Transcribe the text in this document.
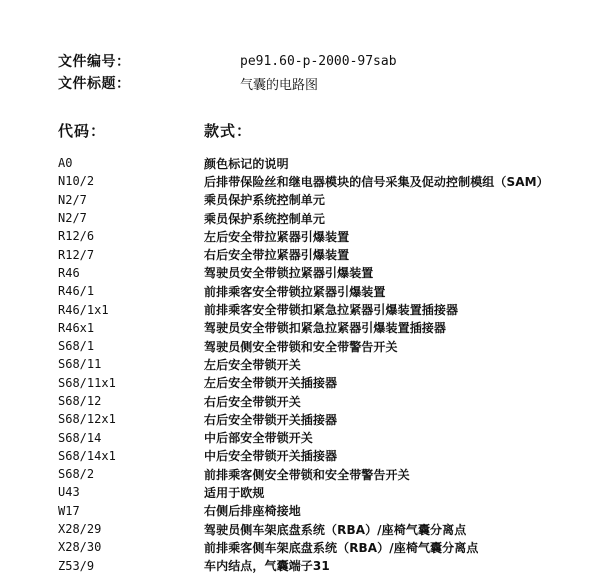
文件编号：	pe91.60-p-2000-97sab
文件标题：	气囊的电路图
代码：	款式：
A0	颜色标记的说明
N10/2	后排带保险丝和继电器模块的信号采集及促动控制模组（SAM）
N2/7	乘员保护系统控制单元
N2/7	乘员保护系统控制单元
R12/6	左后安全带拉紧器引爆装置
R12/7	右后安全带拉紧器引爆装置
R46	驾驶员安全带锁拉紧器引爆装置
R46/1	前排乘客安全带锁拉紧器引爆装置
R46/1x1	前排乘客安全带锁扣紧急拉紧器引爆装置插接器
R46x1	驾驶员安全带锁扣紧急拉紧器引爆装置插接器
S68/1	驾驶员侧安全带锁和安全带警告开关
S68/11	左后安全带锁开关
S68/11x1	左后安全带锁开关插接器
S68/12	右后安全带锁开关
S68/12x1	右后安全带锁开关插接器
S68/14	中后部安全带锁开关
S68/14x1	中后安全带锁开关插接器
S68/2	前排乘客侧安全带锁和安全带警告开关
U43	适用于欧规
W17	右侧后排座椅接地
X28/29	驾驶员侧车架底盘系统（RBA）/座椅气囊分离点
X28/30	前排乘客侧车架底盘系统（RBA）/座椅气囊分离点
Z53/9	车内结点，气囊端子31
